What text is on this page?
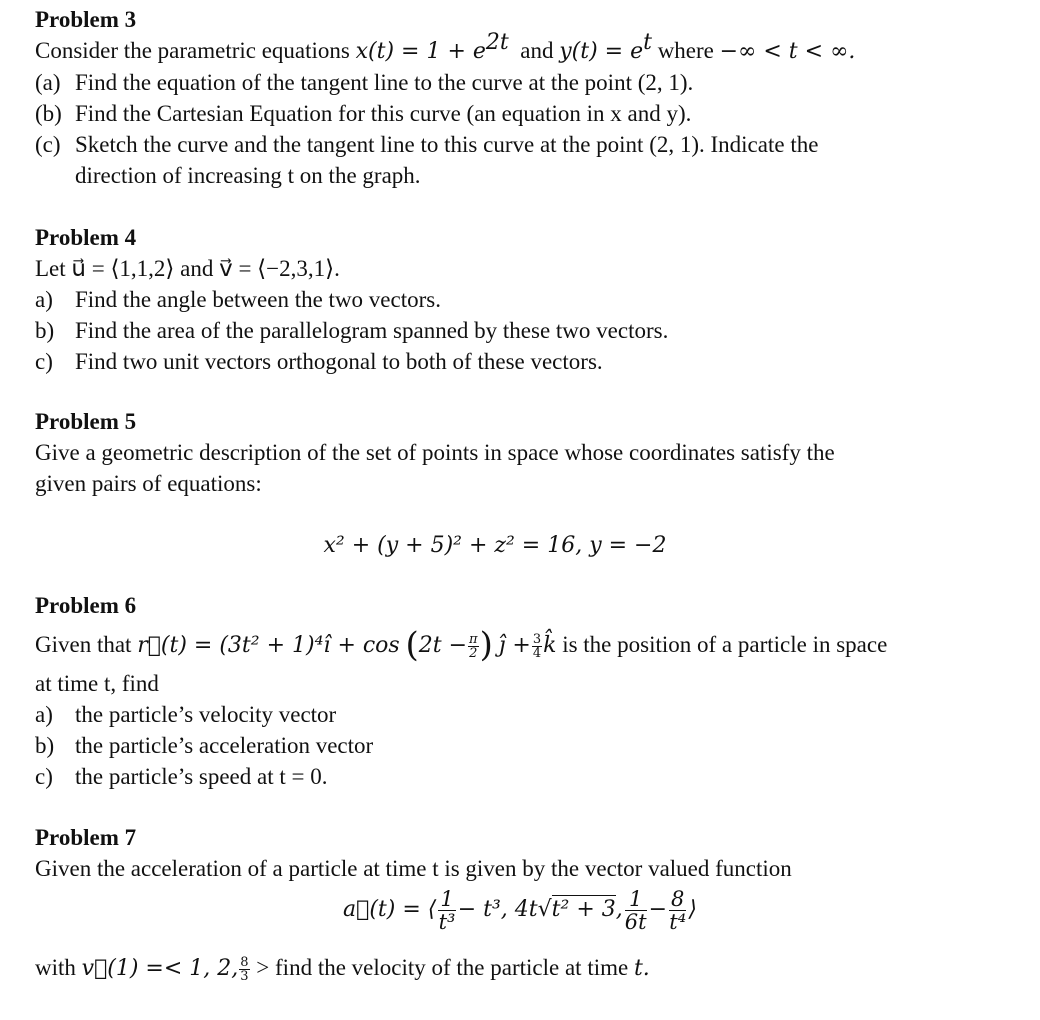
Problem 3
Consider the parametric equations $x(t) = 1 + e^{2t}$ and $y(t) = e^t$ where −∞ < t < ∞.
(a) Find the equation of the tangent line to the curve at the point (2, 1).
(b) Find the Cartesian Equation for this curve (an equation in x and y).
(c) Sketch the curve and the tangent line to this curve at the point (2, 1). Indicate the
direction of increasing t on the graph.
Problem 4
Let u⃗ = ⟨1,1,2⟩ and v⃗ = ⟨−2,3,1⟩.
a) Find the angle between the two vectors.
b) Find the area of the parallelogram spanned by these two vectors.
c) Find two unit vectors orthogonal to both of these vectors.
Problem 5
Give a geometric description of the set of points in space whose coordinates satisfy the
given pairs of equations:
x² + (y + 5)² + z² = 16, y = −2
Problem 6
Given that r⃗(t) = (3t² + 1)⁴î + $\cos (2t - \frac{\pi}{2}$ ) ĵ + $\frac{3}{4}$ k̂ is the position of a particle in space
at time t, find
a) the particle’s velocity vector
b) the particle’s acceleration vector
c) the particle’s speed at t = 0.
Problem 7
Given the acceleration of a particle at time t is given by the vector valued function
a⃗(t) = ⟨ $\frac{1}{\text{t³}} - t^3$, 4t√t² + 3, $\frac{1}{6t} - \frac{8}{\text{t⁴}}$ ⟩
with v⃗(1) =< 1, 2, $\frac{8}{3}$ > find the velocity of the particle at time t.
